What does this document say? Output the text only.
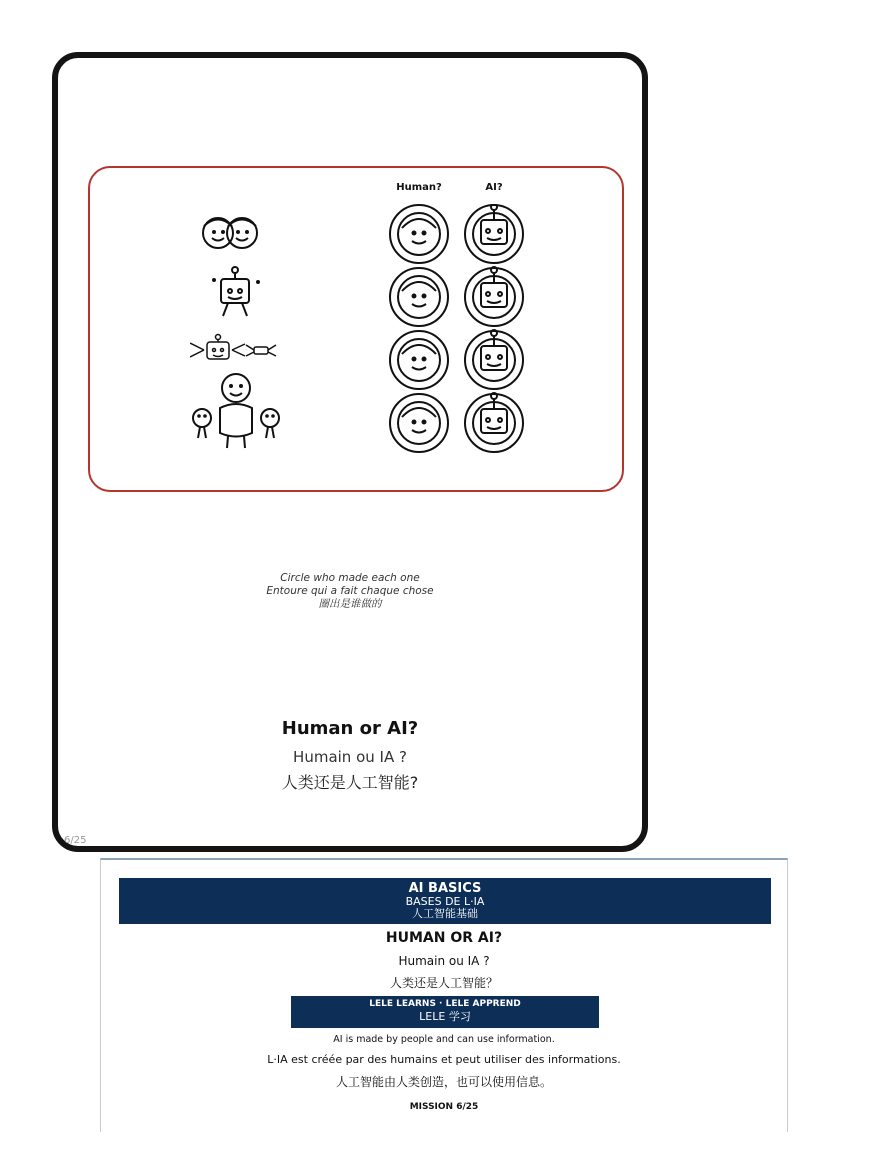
Human?	AI?
Circle who made each one
Entoure qui a fait chaque chose
圈出是谁做的
Human or AI?
Humain ou IA ?
人类还是人工智能?
6/25
AI BASICS
BASES DE L·IA
人工智能基础
HUMAN OR AI?
Humain ou IA ?
人类还是人工智能？
LELE LEARNS · LELE APPREND
LELE 学习
AI is made by people and can use information.
L·IA est créée par des humains et peut utiliser des informations.
人工智能由人类创造，也可以使用信息。
MISSION 6/25
